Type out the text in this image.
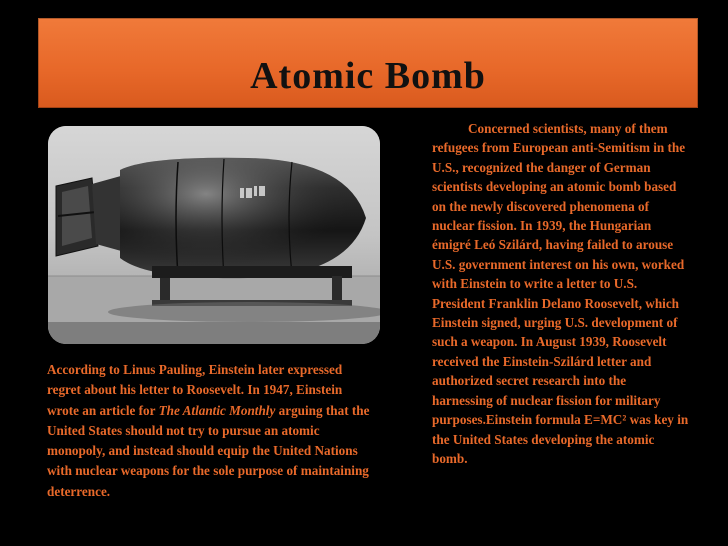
Atomic Bomb
According to Linus Pauling, Einstein later expressed regret about his letter to Roosevelt. In 1947, Einstein wrote an article for The Atlantic Monthly arguing that the United States should not try to pursue an atomic monopoly, and instead should equip the United Nations with nuclear weapons for the sole purpose of maintaining deterrence.
Concerned scientists, many of them refugees from European anti-Semitism in the U.S., recognized the danger of German scientists developing an atomic bomb based on the newly discovered phenomena of nuclear fission. In 1939, the Hungarian émigré Leó Szilárd, having failed to arouse U.S. government interest on his own, worked with Einstein to write a letter to U.S. President Franklin Delano Roosevelt, which Einstein signed, urging U.S. development of such a weapon. In August 1939, Roosevelt received the Einstein-Szilárd letter and authorized secret research into the harnessing of nuclear fission for military purposes.Einstein formula E=MC² was key in the United States developing the atomic bomb.
